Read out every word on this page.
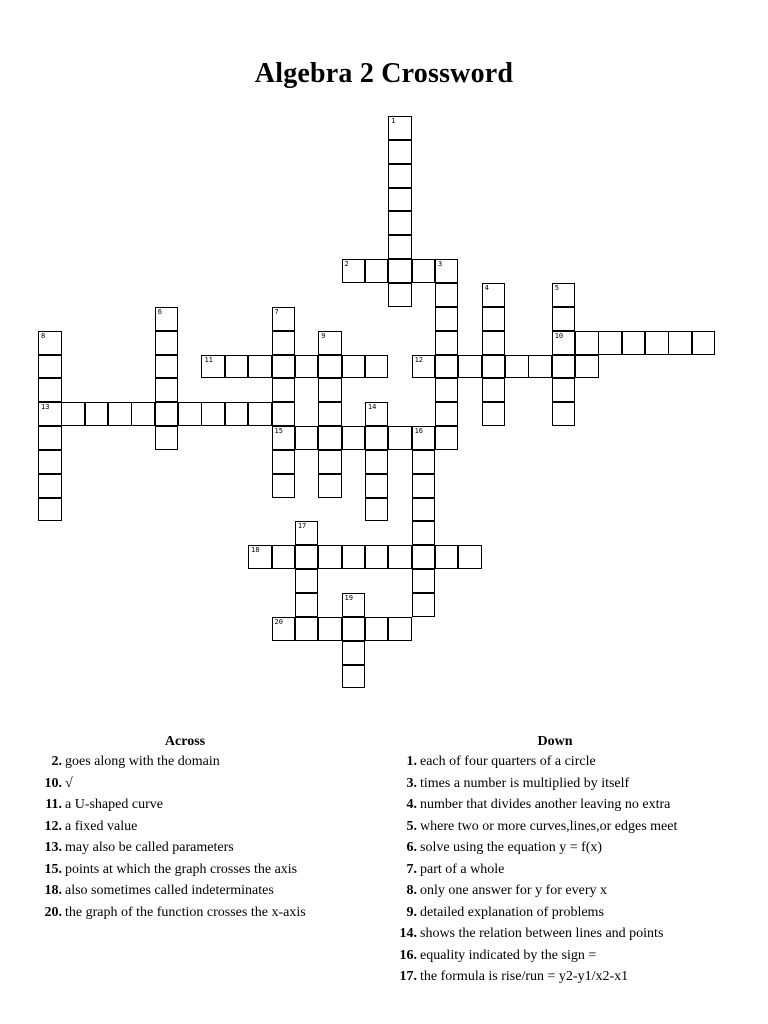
Algebra 2 Crossword
1
2	3
4	5
10
6	7
15
8
13
9
11	12
14
16
17
18
19
20
Across
2. goes along with the domain
10. √
11. a U-shaped curve
12. a fixed value
13. may also be called parameters
15. points at which the graph crosses the axis
18. also sometimes called indeterminates
20. the graph of the function crosses the x-axis
Down
1. each of four quarters of a circle
3. times a number is multiplied by itself
4. number that divides another leaving no extra
5. where two or more curves,lines,or edges meet
6. solve using the equation y = f(x)
7. part of a whole
8. only one answer for y for every x
9. detailed explanation of problems
14. shows the relation between lines and points
16. equality indicated by the sign =
17. the formula is rise/run = y2-y1/x2-x1
